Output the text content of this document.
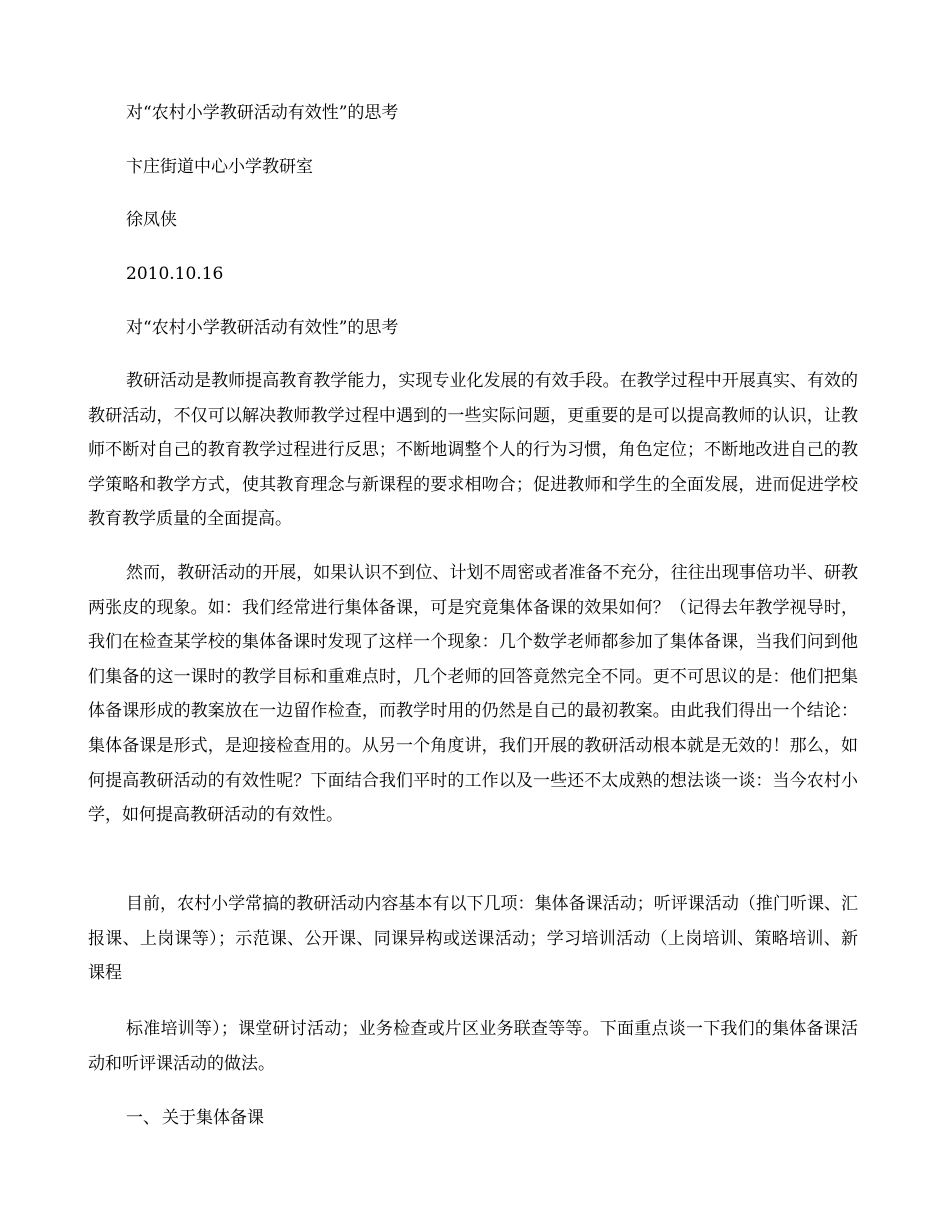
对“农村小学教研活动有效性”的思考
卞庄街道中心小学教研室
徐凤侠
2010.10.16
对“农村小学教研活动有效性”的思考
教研活动是教师提高教育教学能力，实现专业化发展的有效手段。在教学过程中开展真实、有效的教研活动，不仅可以解决教师教学过程中遇到的一些实际问题，更重要的是可以提高教师的认识，让教师不断对自己的教育教学过程进行反思；不断地调整个人的行为习惯，角色定位；不断地改进自己的教学策略和教学方式，使其教育理念与新课程的要求相吻合；促进教师和学生的全面发展，进而促进学校教育教学质量的全面提高。
然而，教研活动的开展，如果认识不到位、计划不周密或者准备不充分，往往出现事倍功半、研教两张皮的现象。如：我们经常进行集体备课，可是究竟集体备课的效果如何？（记得去年教学视导时，我们在检查某学校的集体备课时发现了这样一个现象：几个数学老师都参加了集体备课，当我们问到他们集备的这一课时的教学目标和重难点时，几个老师的回答竟然完全不同。更不可思议的是：他们把集体备课形成的教案放在一边留作检查，而教学时用的仍然是自己的最初教案。由此我们得出一个结论：集体备课是形式，是迎接检查用的。从另一个角度讲，我们开展的教研活动根本就是无效的！那么，如何提高教研活动的有效性呢？下面结合我们平时的工作以及一些还不太成熟的想法谈一谈：当今农村小学，如何提高教研活动的有效性。
目前，农村小学常搞的教研活动内容基本有以下几项：集体备课活动；听评课活动（推门听课、汇报课、上岗课等）；示范课、公开课、同课异构或送课活动；学习培训活动（上岗培训、策略培训、新课程
标准培训等）；课堂研讨活动；业务检查或片区业务联查等等。下面重点谈一下我们的集体备课活动和听评课活动的做法。
一、 关于集体备课
